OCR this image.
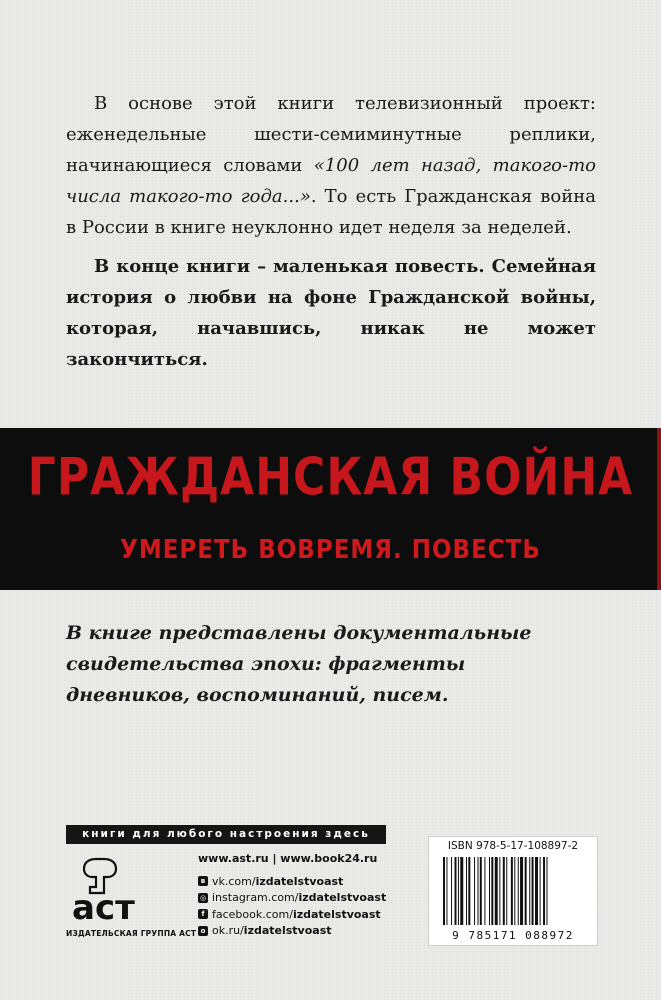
В основе этой книги телевизионный проект: еженедельные шести-семиминутные реплики, начинающиеся словами «100 лет назад, такого-то числа такого-то года...». То есть Гражданская война в России в книге неуклонно идет неделя за неделей.

В конце книги – маленькая повесть. Семейная история о любви на фоне Гражданской войны, которая, начавшись, никак не может закончиться.

ГРАЖДАНСКАЯ ВОЙНА
УМЕРЕТЬ ВОВРЕМЯ. ПОВЕСТЬ
В книге представлены документальные свидетельства эпохи: фрагменты дневников, воспоминаний, писем.
книги для любого настроения здесь
аст
ИЗДАТЕЛЬСКАЯ ГРУППА АСТ
www.ast.ru | www.book24.ru
в vk.com/ izdatelstvoast
◎ instagram.com/ izdatelstvoast
f facebook.com/ izdatelstvoast
о ok.ru/ izdatelstvoast
ISBN 978-5-17-108897-2
9 785171 088972
